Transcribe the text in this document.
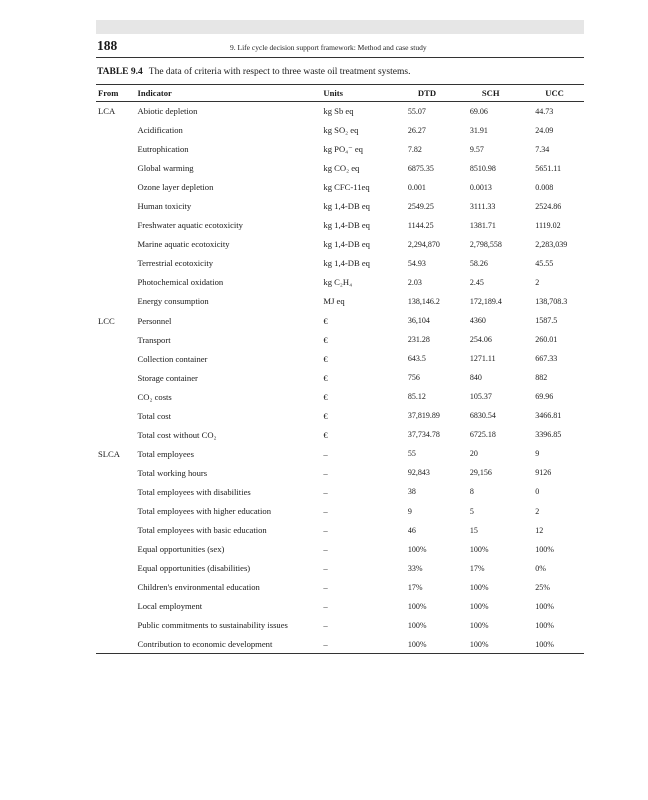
188	9. Life cycle decision support framework: Method and case study
TABLE 9.4 The data of criteria with respect to three waste oil treatment systems.
From	Indicator	Units	DTD	SCH	UCC
LCA	Abiotic depletion	kg Sb eq	55.07	69.06	44.73
	Acidification	kg SO₂ eq	26.27	31.91	24.09
	Eutrophication	kg PO₄⁻ eq	7.82	9.57	7.34
	Global warming	kg CO₂ eq	6875.35	8510.98	5651.11
	Ozone layer depletion	kg CFC-11eq	0.001	0.0013	0.008
	Human toxicity	kg 1,4-DB eq	2549.25	3111.33	2524.86
	Freshwater aquatic ecotoxicity	kg 1,4-DB eq	1144.25	1381.71	1119.02
	Marine aquatic ecotoxicity	kg 1,4-DB eq	2,294,870	2,798,558	2,283,039
	Terrestrial ecotoxicity	kg 1,4-DB eq	54.93	58.26	45.55
	Photochemical oxidation	kg C₂H₄	2.03	2.45	2
	Energy consumption	MJ eq	138,146.2	172,189.4	138,708.3
LCC	Personnel	€	36,104	4360	1587.5
	Transport	€	231.28	254.06	260.01
	Collection container	€	643.5	1271.11	667.33
	Storage container	€	756	840	882
	CO₂ costs	€	85.12	105.37	69.96
	Total cost	€	37,819.89	6830.54	3466.81
	Total cost without CO₂	€	37,734.78	6725.18	3396.85
SLCA	Total employees	–	55	20	9
	Total working hours	–	92,843	29,156	9126
	Total employees with disabilities	–	38	8	0
	Total employees with higher education	–	9	5	2
	Total employees with basic education	–	46	15	12
	Equal opportunities (sex)	–	100%	100%	100%
	Equal opportunities (disabilities)	–	33%	17%	0%
	Children's environmental education	–	17%	100%	25%
	Local employment	–	100%	100%	100%
	Public commitments to sustainability issues	–	100%	100%	100%
	Contribution to economic development	–	100%	100%	100%
